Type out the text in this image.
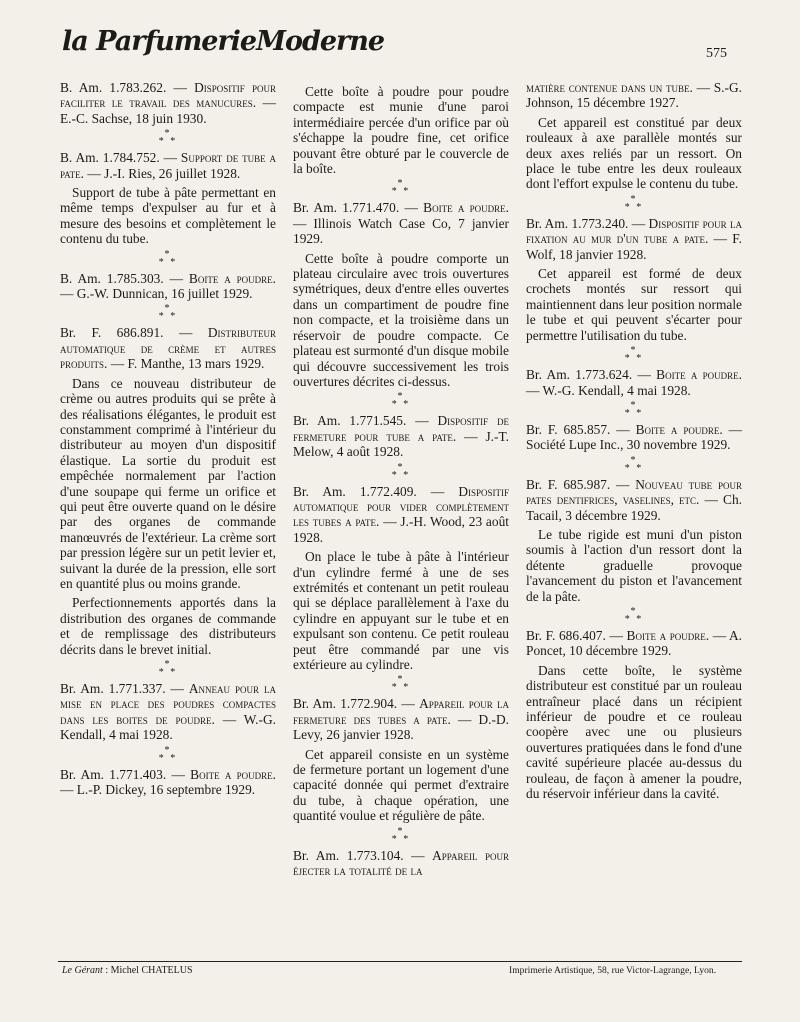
la ParfumerieModerne	575

B. Am. 1.783.262. — Dispositif pour faciliter le travail des manucures. — E.-C. Sachse, 18 juin 1930.

*
* *

B. Am. 1.784.752. — Support de tube a pate. — J.-I. Ries, 26 juillet 1928.

Support de tube à pâte permettant en même temps d'expulser au fur et à mesure des besoins et complètement le contenu du tube.

*
* *

B. Am. 1.785.303. — Boite a poudre. — G.-W. Dunnican, 16 juillet 1929.

*
* *

Br. F. 686.891. — Distributeur automatique de crème et autres produits. — F. Manthe, 13 mars 1929.

Dans ce nouveau distributeur de crème ou autres produits qui se prête à des réalisations élégantes, le produit est constamment comprimé à l'intérieur du distributeur au moyen d'un dispositif élastique. La sortie du produit est empêchée normalement par l'action d'une soupape qui ferme un orifice et qui peut être ouverte quand on le désire par des organes de commande manœuvrés de l'extérieur. La crème sort par pression légère sur un petit levier et, suivant la durée de la pression, elle sort en quantité plus ou moins grande.

Perfectionnements apportés dans la distribution des organes de commande et de remplissage des distributeurs décrits dans le brevet initial.

*
* *

Br. Am. 1.771.337. — Anneau pour la mise en place des poudres compactes dans les boites de poudre. — W.-G. Kendall, 4 mai 1928.

*
* *

Br. Am. 1.771.403. — Boite a poudre. — L.-P. Dickey, 16 septembre 1929.

Cette boîte à poudre pour poudre compacte est munie d'une paroi intermédiaire percée d'un orifice par où s'échappe la poudre fine, cet orifice pouvant être obturé par le couvercle de la boîte.

*
* *

Br. Am. 1.771.470. — Boite a poudre. — Illinois Watch Case Co, 7 janvier 1929.

Cette boîte à poudre comporte un plateau circulaire avec trois ouvertures symétriques, deux d'entre elles ouvertes dans un compartiment de poudre fine non compacte, et la troisième dans un réservoir de poudre compacte. Ce plateau est surmonté d'un disque mobile qui découvre successivement les trois ouvertures décrites ci-dessus.

*
* *

Br. Am. 1.771.545. — Dispositif de fermeture pour tube a pate. — J.-T. Melow, 4 août 1928.

*
* *

Br. Am. 1.772.409. — Dispositif automatique pour vider complètement les tubes a pate. — J.-H. Wood, 23 août 1928.

On place le tube à pâte à l'intérieur d'un cylindre fermé à une de ses extrémités et contenant un petit rouleau qui se déplace parallèlement à l'axe du cylindre en appuyant sur le tube et en expulsant son contenu. Ce petit rouleau peut être commandé par une vis extérieure au cylindre.

*
* *

Br. Am. 1.772.904. — Appareil pour la fermeture des tubes a pate. — D.-D. Levy, 26 janvier 1928.

Cet appareil consiste en un système de fermeture portant un logement d'une capacité donnée qui permet d'extraire du tube, à chaque opération, une quantité voulue et régulière de pâte.

*
* *

Br. Am. 1.773.104. — Appareil pour éjecter la totalité de la

matière contenue dans un tube. — S.-G. Johnson, 15 décembre 1927.

Cet appareil est constitué par deux rouleaux à axe parallèle montés sur deux axes reliés par un ressort. On place le tube entre les deux rouleaux dont l'effort expulse le contenu du tube.

*
* *

Br. Am. 1.773.240. — Dispositif pour la fixation au mur d'un tube a pate. — F. Wolf, 18 janvier 1928.

Cet appareil est formé de deux crochets montés sur ressort qui maintiennent dans leur position normale le tube et qui peuvent s'écarter pour permettre l'utilisation du tube.

*
* *

Br. Am. 1.773.624. — Boite a poudre. — W.-G. Kendall, 4 mai 1928.

*
* *

Br. F. 685.857. — Boite a poudre. — Société Lupe Inc., 30 novembre 1929.

*
* *

Br. F. 685.987. — Nouveau tube pour pates dentifrices, vaselines, etc. — Ch. Tacail, 3 décembre 1929.

Le tube rigide est muni d'un piston soumis à l'action d'un ressort dont la détente graduelle provoque l'avancement du piston et l'avancement de la pâte.

*
* *

Br. F. 686.407. — Boite a poudre. — A. Poncet, 10 décembre 1929.

Dans cette boîte, le système distributeur est constitué par un rouleau entraîneur placé dans un récipient inférieur de poudre et ce rouleau coopère avec une ou plusieurs ouvertures pratiquées dans le fond d'une cavité supérieure placée au-dessus du rouleau, de façon à amener la poudre, du réservoir inférieur dans la cavité.

Le Gérant : Michel CHATELUS	Imprimerie Artistique, 58, rue Victor-Lagrange, Lyon.
